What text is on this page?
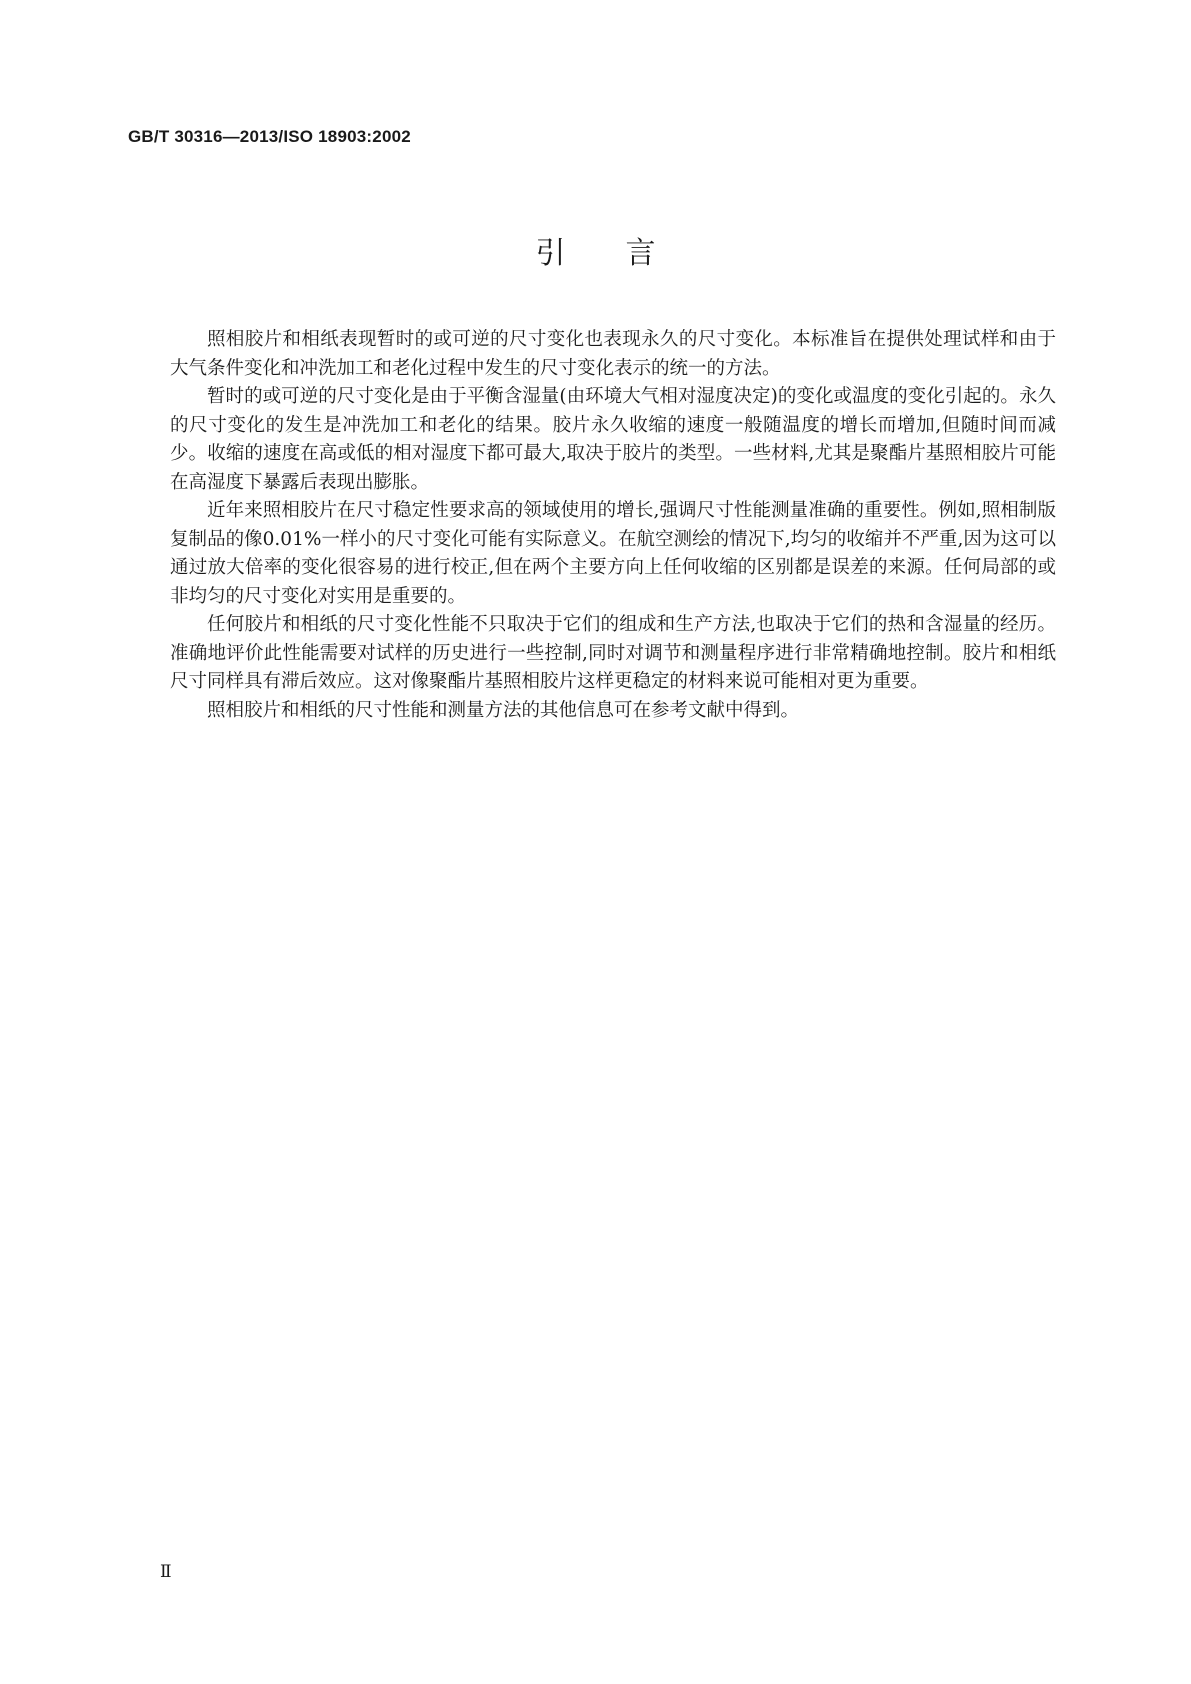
GB/T 30316—2013/ISO 18903:2002
引言

照相胶片和相纸表现暂时的或可逆的尺寸变化也表现永久的尺寸变化。本标准旨在提供处理试样和由于大气条件变化和冲洗加工和老化过程中发生的尺寸变化表示的统一的方法。

暂时的或可逆的尺寸变化是由于平衡含湿量(由环境大气相对湿度决定)的变化或温度的变化引起的。永久的尺寸变化的发生是冲洗加工和老化的结果。胶片永久收缩的速度一般随温度的增长而增加,但随时间而减少。收缩的速度在高或低的相对湿度下都可最大,取决于胶片的类型。一些材料,尤其是聚酯片基照相胶片可能在高湿度下暴露后表现出膨胀。

近年来照相胶片在尺寸稳定性要求高的领域使用的增长,强调尺寸性能测量准确的重要性。例如,照相制版复制品的像0.01%一样小的尺寸变化可能有实际意义。在航空测绘的情况下,均匀的收缩并不严重,因为这可以通过放大倍率的变化很容易的进行校正,但在两个主要方向上任何收缩的区别都是误差的来源。任何局部的或非均匀的尺寸变化对实用是重要的。

任何胶片和相纸的尺寸变化性能不只取决于它们的组成和生产方法,也取决于它们的热和含湿量的经历。准确地评价此性能需要对试样的历史进行一些控制,同时对调节和测量程序进行非常精确地控制。胶片和相纸尺寸同样具有滞后效应。这对像聚酯片基照相胶片这样更稳定的材料来说可能相对更为重要。

照相胶片和相纸的尺寸性能和测量方法的其他信息可在参考文献中得到。

Ⅱ
